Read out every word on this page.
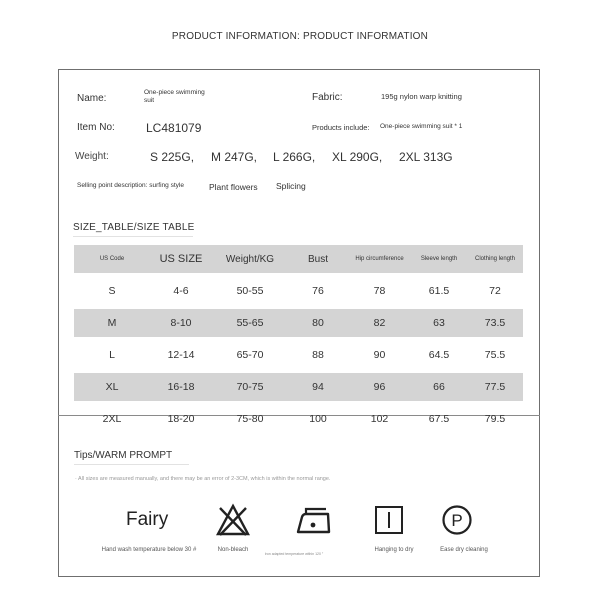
PRODUCT INFORMATION: PRODUCT INFORMATION
Name:
One-piece swimming suit	Fabric:	195g nylon warp knitting
Item No:	LC481079	Products include: One-piece swimming suit * 1
Weight:	S 225G, M 247G, L 266G, XL 290G, 2XL 313G
Selling point description: surfing style	Plant flowers Splicing
SIZE_TABLE/SIZE TABLE
US Code	US SIZE	Weight/KG	Bust	Hip circumference	Sleeve length	Clothing length

S	4-6	50-55	76	78	61.5	72

M	8-10	55-65	80	82	63	73.5

L	12-14	65-70	88	90	64.5	75.5

XL	16-18	70-75	94	96	66	77.5

2XL	18-20	75-80	100	102	67.5	79.5
Tips/WARM PROMPT
· All sizes are measured manually, and there may be an error of 2-3CM, which is within the normal range.
Fairy
Hand wash temperature below 30 #	Non-bleach
Iron adapted temperature within 120 °
Hanging to dry
P
Ease dry cleaning
